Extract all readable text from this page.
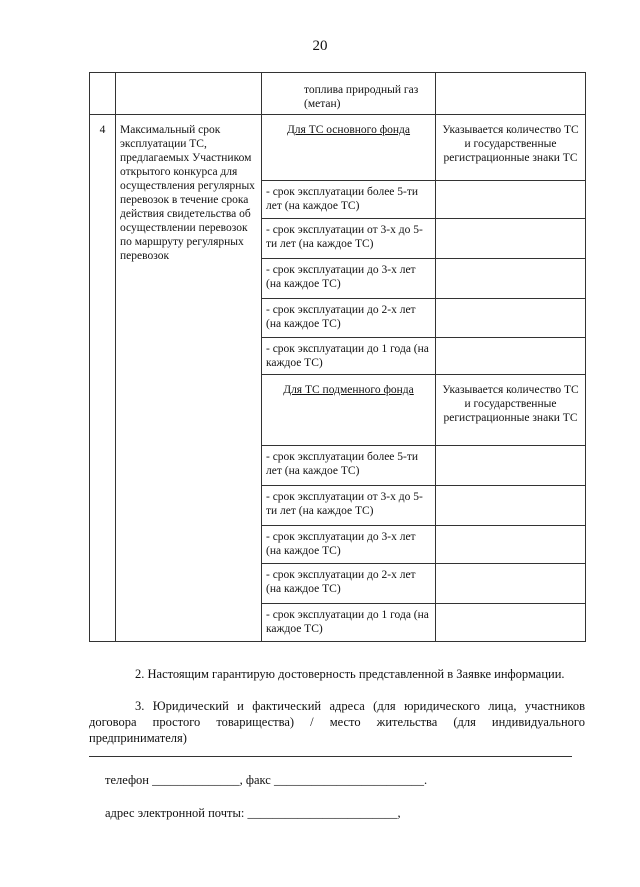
20
		топлива природный газ (метан)	
4	Максимальный срок эксплуатации ТС, предлагаемых Участником открытого конкурса для осуществления регулярных перевозок в течение срока действия свидетельства об осуществлении перевозок по маршруту регулярных перевозок	Для ТС основного фонда	Указывается количество ТС и государственные регистрационные знаки ТС
		- срок эксплуатации более 5-ти лет (на каждое ТС)	
		- срок эксплуатации от 3-х до 5-ти лет (на каждое ТС)	
		- срок эксплуатации до 3-х лет (на каждое ТС)	
		- срок эксплуатации до 2-х лет (на каждое ТС)	
		- срок эксплуатации до 1 года (на каждое ТС)	
		Для ТС подменного фонда	Указывается количество ТС и государственные регистрационные знаки ТС
		- срок эксплуатации более 5-ти лет (на каждое ТС)	
		- срок эксплуатации от 3-х до 5-ти лет (на каждое ТС)	
		- срок эксплуатации до 3-х лет (на каждое ТС)	
		- срок эксплуатации до 2-х лет (на каждое ТС)	
		- срок эксплуатации до 1 года (на каждое ТС)	
2. Настоящим гарантирую достоверность представленной в Заявке информации.
3. Юридический и фактический адреса (для юридического лица, участников договора простого товарищества) / место жительства (для индивидуального предпринимателя)
телефон ______________, факс ________________________.
адрес электронной почты: ________________________,
